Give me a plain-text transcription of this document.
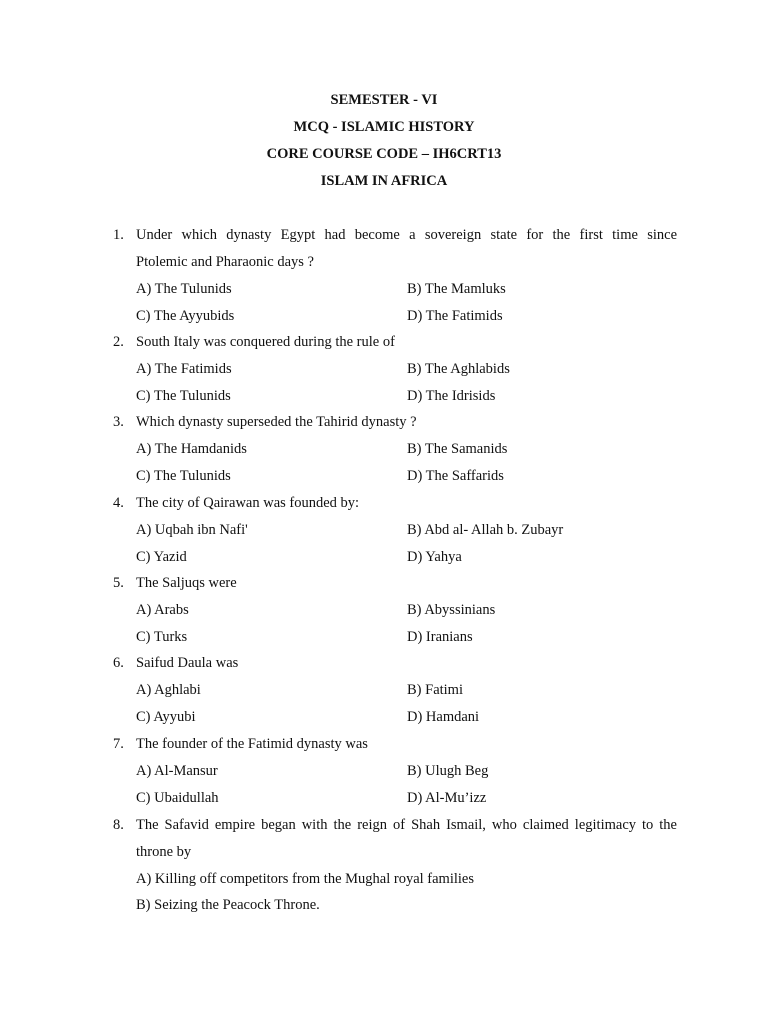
SEMESTER - VI
MCQ - ISLAMIC HISTORY
CORE COURSE CODE – IH6CRT13
ISLAM IN AFRICA
1. Under which dynasty Egypt had become a sovereign state for the first time since
Ptolemic and Pharaonic days ?
A) The Tulunids	B) The Mamluks
C) The Ayyubids	D) The Fatimids
2. South Italy was conquered during the rule of
A) The Fatimids	B) The Aghlabids
C) The Tulunids	D) The Idrisids
3. Which dynasty superseded the Tahirid dynasty ?
A) The Hamdanids	B) The Samanids
C) The Tulunids	D) The Saffarids
4. The city of Qairawan was founded by:
A) Uqbah ibn Nafi'	B) Abd al- Allah b. Zubayr
C) Yazid	D) Yahya
5. The Saljuqs were
A) Arabs	B) Abyssinians
C) Turks	D) Iranians
6. Saifud Daula was
A) Aghlabi	B) Fatimi
C) Ayyubi	D) Hamdani
7. The founder of the Fatimid dynasty was
A) Al-Mansur	B) Ulugh Beg
C) Ubaidullah	D) Al-Mu’izz
8. The Safavid empire began with the reign of Shah Ismail, who claimed legitimacy to the
throne by
A) Killing off competitors from the Mughal royal families
B) Seizing the Peacock Throne.
